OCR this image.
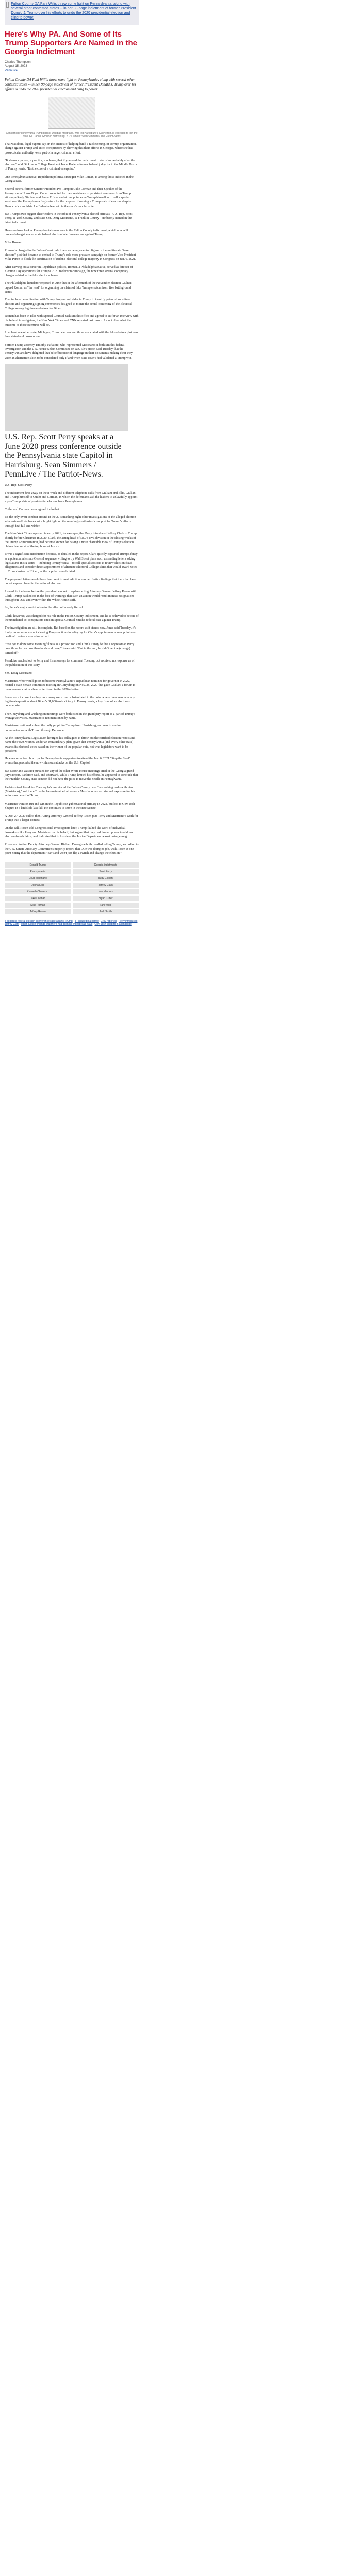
Fulton County DA Fani Willis threw some light on Pennsylvania, along with several other contested states -- in her 98-page indictment of former President Donald J. Trump over his efforts to undo the 2020 presidential election and cling to power.
Here's Why PA. And Some of Its Trump Supporters Are Named in the Georgia Indictment
Charles Thompson
August 15, 2023
PennLive
Fulton County DA Fani Willis threw some light on Pennsylvania, along with several other contested states -- in her 98-page indictment of former President Donald J. Trump over his efforts to undo the 2020 presidential election and cling to power.
Concerned Pennsylvania Trump backer Douglas Mastriano, who led Harrisburg's GOP effort, is expected to join the race. Gl. Capitol Group in Harrisburg, 2021. Photo: Sean Simmers / The Patriot-News

That was done, legal experts say, in the interest of helping build a racketeering, or corrupt organization, charge against Trump and 18 co-conspirators by showing that their efforts in Georgia, where she has prosecutorial authority, were part of a larger criminal effort.

"It shows a pattern, a practice, a scheme, that if you read the indictment ... starts immediately after the election," said Dickinson College President Jeane Kwie, a former federal judge for in the Middle District of Pennsylvania. "It's the core of a criminal enterprise."

One Pennsylvania native, Republican political strategist Mike Roman, is among those indicted in the Georgia case.

Several others, former Senator President Pro Tempore Jake Corman and then-Speaker of the Pennsylvania House Bryan Cutler, are noted for their resistance to persistent overtures from Trump attorneys Rudy Giuliani and Jenna Ellis -- and at one point even Trump himself -- to call a special session of the Pennsylvania Legislature for the purpose of naming a Trump slate of electors despite Democratic candidate Joe Biden's clear win in the state's popular vote.

But Trump's two biggest cheerleaders in the orbit of Pennsylvania elected officials - U.S. Rep. Scott Perry, R-York County, and state Sen. Doug Mastriano, R-Franklin County - are barely named in the latest indictment.

Here's a closer look at Pennsylvania's mentions in the Fulton County indictment, which now will proceed alongside a separate federal election interference case against Trump.

Mike Roman

Roman is charged in the Fulton Court indictment as being a central figure in the multi-state "fake electors" plot that became so central to Trump's role more pressure campaign on former Vice President Mike Pence to block the certification of Biden's electoral college majority in Congress on Jan. 6, 2021.

After carving out a career in Republican politics, Roman, a Philadelphia native, served as director of Election Day operations for Trump's 2020 reelection campaign, the now three several conspiracy charges related to the fake elector scheme.

The Philadelphia liquidator reported in June that in the aftermath of the November election Giuliani tapped Roman as "the lead" for organizing the slates of fake Trump electors from five battleground states.

That included coordinating with Trump lawyers and aides in Trump to identify potential substitute electors and organizing signing ceremonies designed to mimic the actual convening of the Electoral College among legitimate electors for Biden.

Roman had been in talks with Special Counsel Jack Smith's office and agreed to sit for an interview with his federal investigators, the New York Times said CNN reported last month. It's not clear what the outcome of those overtures will be.

In at least one other state, Michigan, Trump electors and those associated with the fake electors plot now face state-level prosecution.

Former Trump attorney Timothy Parlatore, who represented Mastriano in both Smith's federal investigation and the U.S. House Select Committee on Jan. 6th's probe, said Tuesday that the Pennsylvanians have delighted that belief because of language in their documents making clear they were an alternative slate, to be considered only if and when state court's had validated a Trump win.

U.S. Rep. Scott Perry speaks at a June 2020 press conference outside the Pennsylvania state Capitol in Harrisburg. Sean Simmers / PennLive / The Patriot-News.

U.S. Rep. Scott Perry

The indictment fires away on the 8-week and different telephone calls from Giuliani and Ellis, Giuliani and Trump himself to Cutler and Corman, in which the defendants ask the leaders to unlawfully appoint a pro-Trump slate of presidential electors from Pennsylvania.

Cutler and Corman never agreed to do that.

It's the only overt conduct around in the 20-something eight other investigations of the alleged election subversion efforts have cast a bright light on the seemingly enthusiastic support for Trump's efforts through that fall and winter.

The New York Times reported in early 2021, for example, that Perry introduced Jeffrey Clark to Trump shortly before Christmas in 2020. Clark, the acting head of DOJ's civil division in the closing weeks of the Trump Administration, had become known for having a more charitable view of Trump's election claims than most of the top brass at Justice.

It was a significant introduction because, as detailed in the report, Clark quickly captured Trump's fancy as a potential alternate General sequence willing to try Wall Street plans such as sending letters asking legislatures in six states -- including Pennsylvania -- to call special sessions to review election fraud allegations and consider direct appointment of alternate Electoral College slates that would award votes to Trump instead of Biden, as the popular vote dictated.

The proposed letters would have been sent in contradiction to other Justice findings that there had been no widespread fraud in the national election.

Instead, in the hours before the president was set to replace acting Attorney General Jeffrey Rosen with Clark, Trump backed off in the face of warnings that such an action would result in mass resignations throughout DOJ and even within the White House staff.

So, Pence's major contribution to the effort ultimately fizzled.

Clark, however, was charged for his role in the Fulton County indictment, and he is believed to be one of the unindicted co-conspirators cited in Special Counsel Smith's federal case against Trump.

The investigation are still incomplete. But based on the record as it stands now, Jones said Tuesday, it's likely prosecutors are not viewing Perry's actions in lobbying for Clark's appointment - an appointment he didn't control - as a criminal act.

"You got to draw some meaningfulness as a prosecutor, and I think it may be that Congressman Perry does those he can now than he should have," Jones said. "But in the end, he didn't get the (change) turned off."

PennLive reached out to Perry and his attorneys for comment Tuesday, but received no response as of the publication of this story.

Sen. Doug Mastriano

Mastriano, who would go on to become Pennsylvania's Republican nominee for governor in 2022, hosted a state Senate committee meeting in Gettysburg on Nov. 25, 2020 that gave Giuliani a forum to make several claims about voter fraud in the 2020 election.

Some were incorrect as they bore many were over substantiated to the point where there was ever any legitimate question about Biden's 81,000-vote victory in Pennsylvania, a key front of an electoral-college win.

The Gettysburg and Washington meetings were both cited in the grand jury report as a part of Trump's overage activities. Mastriano is not mentioned by name.

Mastriano continued to beat the bully pulpit for Trump from Harrisburg, and was in routine communication with Trump through December.

As the Pennsylvania Legislature, he urged his colleagues to throw out the certified election results and name their own winner. Under an extraordinary plan, given that Pennsylvania (and every other state) awards its electoral votes based on the winner of the popular vote, not who legislators want to be president.

He even organized bus trips for Pennsylvania supporters to attend the Jan. 6, 2021 "Stop the Steal" events that preceded the now-infamous attacks on the U.S. Capitol.

But Mastriano was not pursued for any of the other White House meetings cited in the Georgia grand jury's report. Parlatore said, and afterward, while Trump limited his efforts, he appeared to conclude that the Franklin County state senator did not have the juice to move the needle in Pennsylvania.

Parlatore told PennLive Tuesday he's convinced the Fulton County case "has nothing to do with him (Mastriano)," and there "...as he has maintained all along - Mastriano has no criminal exposure for his actions on behalf of Trump.

Mastriano went on run and win in the Republican gubernatorial primary in 2022, but lost to Gov. Josh Shapiro in a landslide last fall. He continues to serve in the state Senate.

A Dec. 27, 2020 call to then-Acting Attorney General Jeffrey Rosen puts Perry and Mastriano's work for Trump into a larger context.

On the call, Rosen told Congressional investigators later, Trump faulted the work of individual lawmakers like Perry and Mastriano on his behalf, but argued that they had limited power to address election-fraud claims, and indicated that in his view, the Justice Department wasn't doing enough.

Rosen and Acting Deputy Attorney General Richard Donoghue both recalled telling Trump, according to the U.S. Senate Judiciary Committee's majority report, that DOJ was doing its job, with Rosen at one point noting that the department "can't and won't just flip a switch and change the election."

Donald Trump	Georgia indictments
Pennsylvania	Scott Perry
Doug Mastriano	Rudy Giuliani
Jenna Ellis	Jeffrey Clark
Kenneth Chesebro	fake electors
Jake Corman	Bryan Cutler
Mike Roman	Fani Willis
Jeffrey Rosen	Jack Smith
a separate federal election interference case against Trump a Philadelphia native CNN reported Perry introduced Jeffrey Clark other Justice findings that there had been no widespread fraud Gov. Josh Shapiro in a landslide
